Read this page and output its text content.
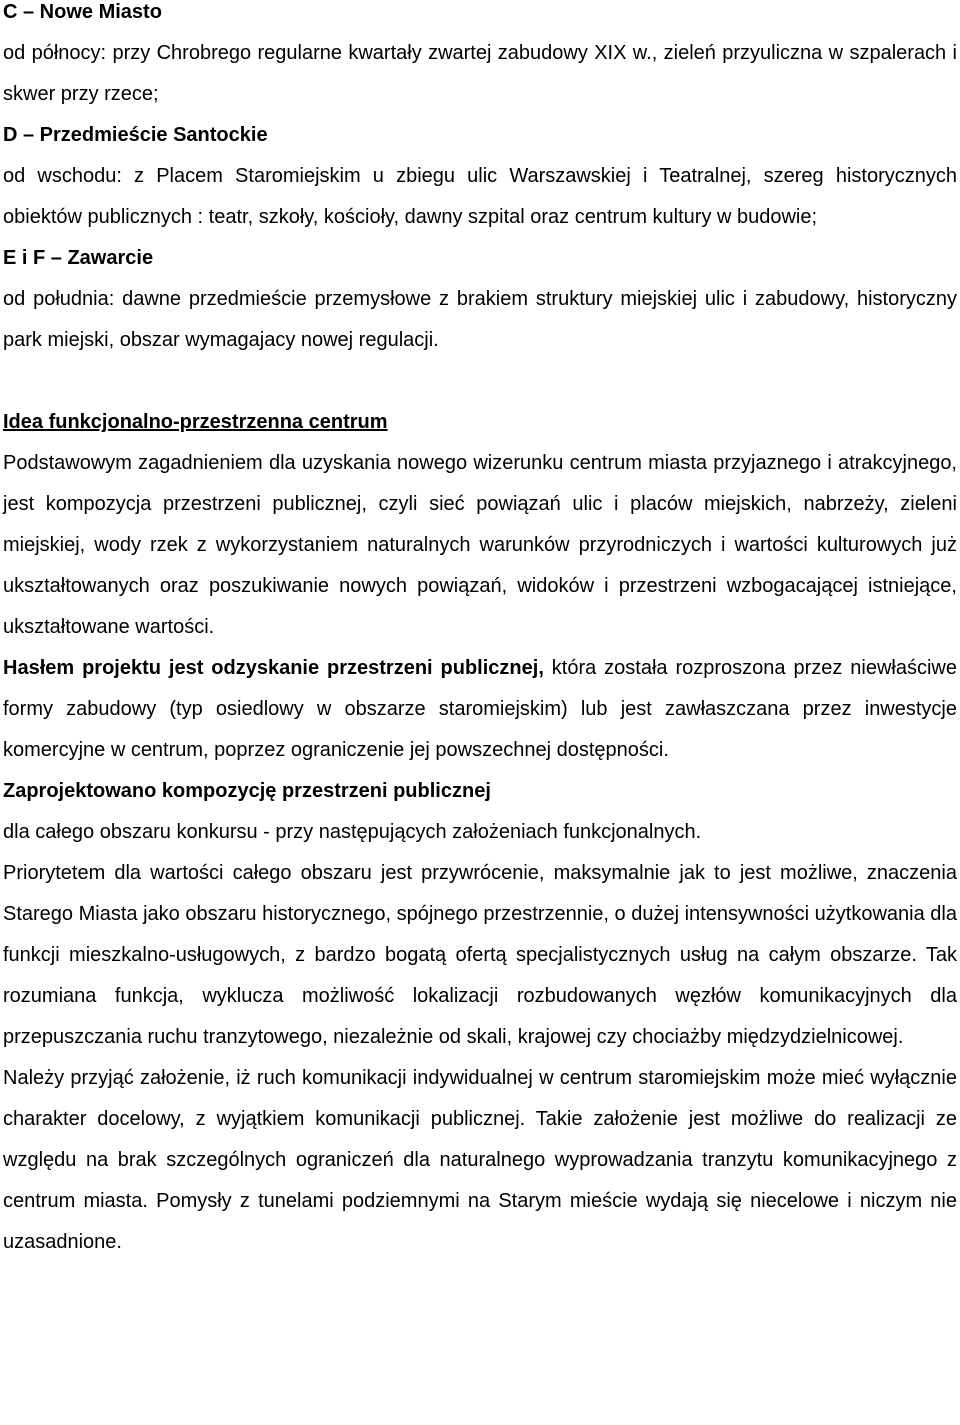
C – Nowe Miasto

od północy: przy Chrobrego regularne kwartały zwartej zabudowy XIX w., zieleń przyuliczna w szpalerach i skwer przy rzece;

D – Przedmieście Santockie

od wschodu: z Placem Staromiejskim u zbiegu ulic Warszawskiej i Teatralnej, szereg historycznych obiektów publicznych : teatr, szkoły, kościoły, dawny szpital oraz centrum kultury w budowie;

E i F – Zawarcie

od południa: dawne przedmieście przemysłowe z brakiem struktury miejskiej ulic i zabudowy, historyczny park miejski, obszar wymagajacy nowej regulacji.

Idea funkcjonalno-przestrzenna centrum

Podstawowym zagadnieniem dla uzyskania nowego wizerunku centrum miasta przyjaznego i atrakcyjnego, jest kompozycja przestrzeni publicznej, czyli sieć powiązań ulic i placów miejskich, nabrzeży, zieleni miejskiej, wody rzek z wykorzystaniem naturalnych warunków przyrodniczych i wartości kulturowych już ukształtowanych oraz poszukiwanie nowych powiązań, widoków i przestrzeni wzbogacającej istniejące, ukształtowane wartości.

Hasłem projektu jest odzyskanie przestrzeni publicznej, która została rozproszona przez niewłaściwe formy zabudowy (typ osiedlowy w obszarze staromiejskim) lub jest zawłaszczana przez inwestycje komercyjne w centrum, poprzez ograniczenie jej powszechnej dostępności.

Zaprojektowano kompozycję przestrzeni publicznej

dla całego obszaru konkursu - przy następujących założeniach funkcjonalnych.

Priorytetem dla wartości całego obszaru jest przywrócenie, maksymalnie jak to jest możliwe, znaczenia Starego Miasta jako obszaru historycznego, spójnego przestrzennie, o dużej intensywności użytkowania dla funkcji mieszkalno-usługowych, z bardzo bogatą ofertą specjalistycznych usług na całym obszarze. Tak rozumiana funkcja, wyklucza możliwość lokalizacji rozbudowanych węzłów komunikacyjnych dla przepuszczania ruchu tranzytowego, niezależnie od skali, krajowej czy chociażby międzydzielnicowej.

Należy przyjąć założenie, iż ruch komunikacji indywidualnej w centrum staromiejskim może mieć wyłącznie charakter docelowy, z wyjątkiem komunikacji publicznej. Takie założenie jest możliwe do realizacji ze względu na brak szczególnych ograniczeń dla naturalnego wyprowadzania tranzytu komunikacyjnego z centrum miasta. Pomysły z tunelami podziemnymi na Starym mieście wydają się niecelowe i niczym nie uzasadnione.
